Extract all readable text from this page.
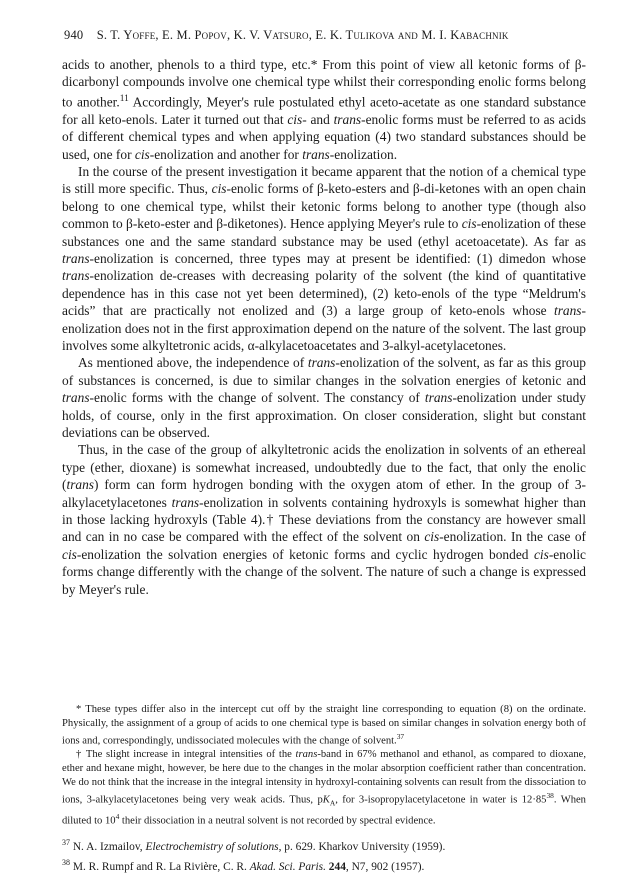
940 S. T. Yoffe, E. M. Popov, K. V. Vatsuro, E. K. Tulikova and M. I. Kabachnik

acids to another, phenols to a third type, etc.* From this point of view all ketonic forms of β-dicarbonyl compounds involve one chemical type whilst their corresponding enolic forms belong to another.$^{11}$ Accordingly, Meyer's rule postulated ethyl aceto-acetate as one standard substance for all keto-enols. Later it turned out that cis- and trans-enolic forms must be referred to as acids of different chemical types and when applying equation (4) two standard substances should be used, one for cis-enolization and another for trans-enolization.

In the course of the present investigation it became apparent that the notion of a chemical type is still more specific. Thus, cis-enolic forms of β-keto-esters and β-di-ketones with an open chain belong to one chemical type, whilst their ketonic forms belong to another type (though also common to β-keto-ester and β-diketones). Hence applying Meyer's rule to cis-enolization of these substances one and the same standard substance may be used (ethyl acetoacetate). As far as trans-enolization is concerned, three types may at present be identified: (1) dimedon whose trans-enolization de-creases with decreasing polarity of the solvent (the kind of quantitative dependence has in this case not yet been determined), (2) keto-enols of the type “Meldrum's acids” that are practically not enolized and (3) a large group of keto-enols whose trans-enolization does not in the first approximation depend on the nature of the solvent. The last group involves some alkyltetronic acids, α-alkylacetoacetates and 3-alkyl-acetylacetones.

As mentioned above, the independence of trans-enolization of the solvent, as far as this group of substances is concerned, is due to similar changes in the solvation energies of ketonic and trans-enolic forms with the change of solvent. The constancy of trans-enolization under study holds, of course, only in the first approximation. On closer consideration, slight but constant deviations can be observed.

Thus, in the case of the group of alkyltetronic acids the enolization in solvents of an ethereal type (ether, dioxane) is somewhat increased, undoubtedly due to the fact, that only the enolic (trans) form can form hydrogen bonding with the oxygen atom of ether. In the group of 3-alkylacetylacetones trans-enolization in solvents containing hydroxyls is somewhat higher than in those lacking hydroxyls (Table 4).† These deviations from the constancy are however small and can in no case be compared with the effect of the solvent on cis-enolization. In the case of cis-enolization the solvation energies of ketonic forms and cyclic hydrogen bonded cis-enolic forms change differently with the change of the solvent. The nature of such a change is expressed by Meyer's rule.

* These types differ also in the intercept cut off by the straight line corresponding to equation (8) on the ordinate. Physically, the assignment of a group of acids to one chemical type is based on similar changes in solvation energy both of ions and, correspondingly, undissociated molecules with the change of solvent.$^{37}$

† The slight increase in integral intensities of the trans-band in 67% methanol and ethanol, as compared to dioxane, ether and hexane might, however, be here due to the changes in the molar absorption coefficient rather than concentration. We do not think that the increase in the integral intensity in hydroxyl-containing solvents can result from the dissociation to ions, 3-alkylacetylacetones being very weak acids. Thus, $pK_A$, for 3-isopropylacetylacetone in water is $12\cdot 85^{38}$. When diluted to $10^4$ their dissociation in a neutral solvent is not recorded by spectral evidence.

$^{37}$ N. A. Izmailov, Electrochemistry of solutions, p. 629. Kharkov University (1959).

$^{38}$ M. R. Rumpf and R. La Rivière, C. R. Akad. Sci. Paris. 244, N7, 902 (1957).
